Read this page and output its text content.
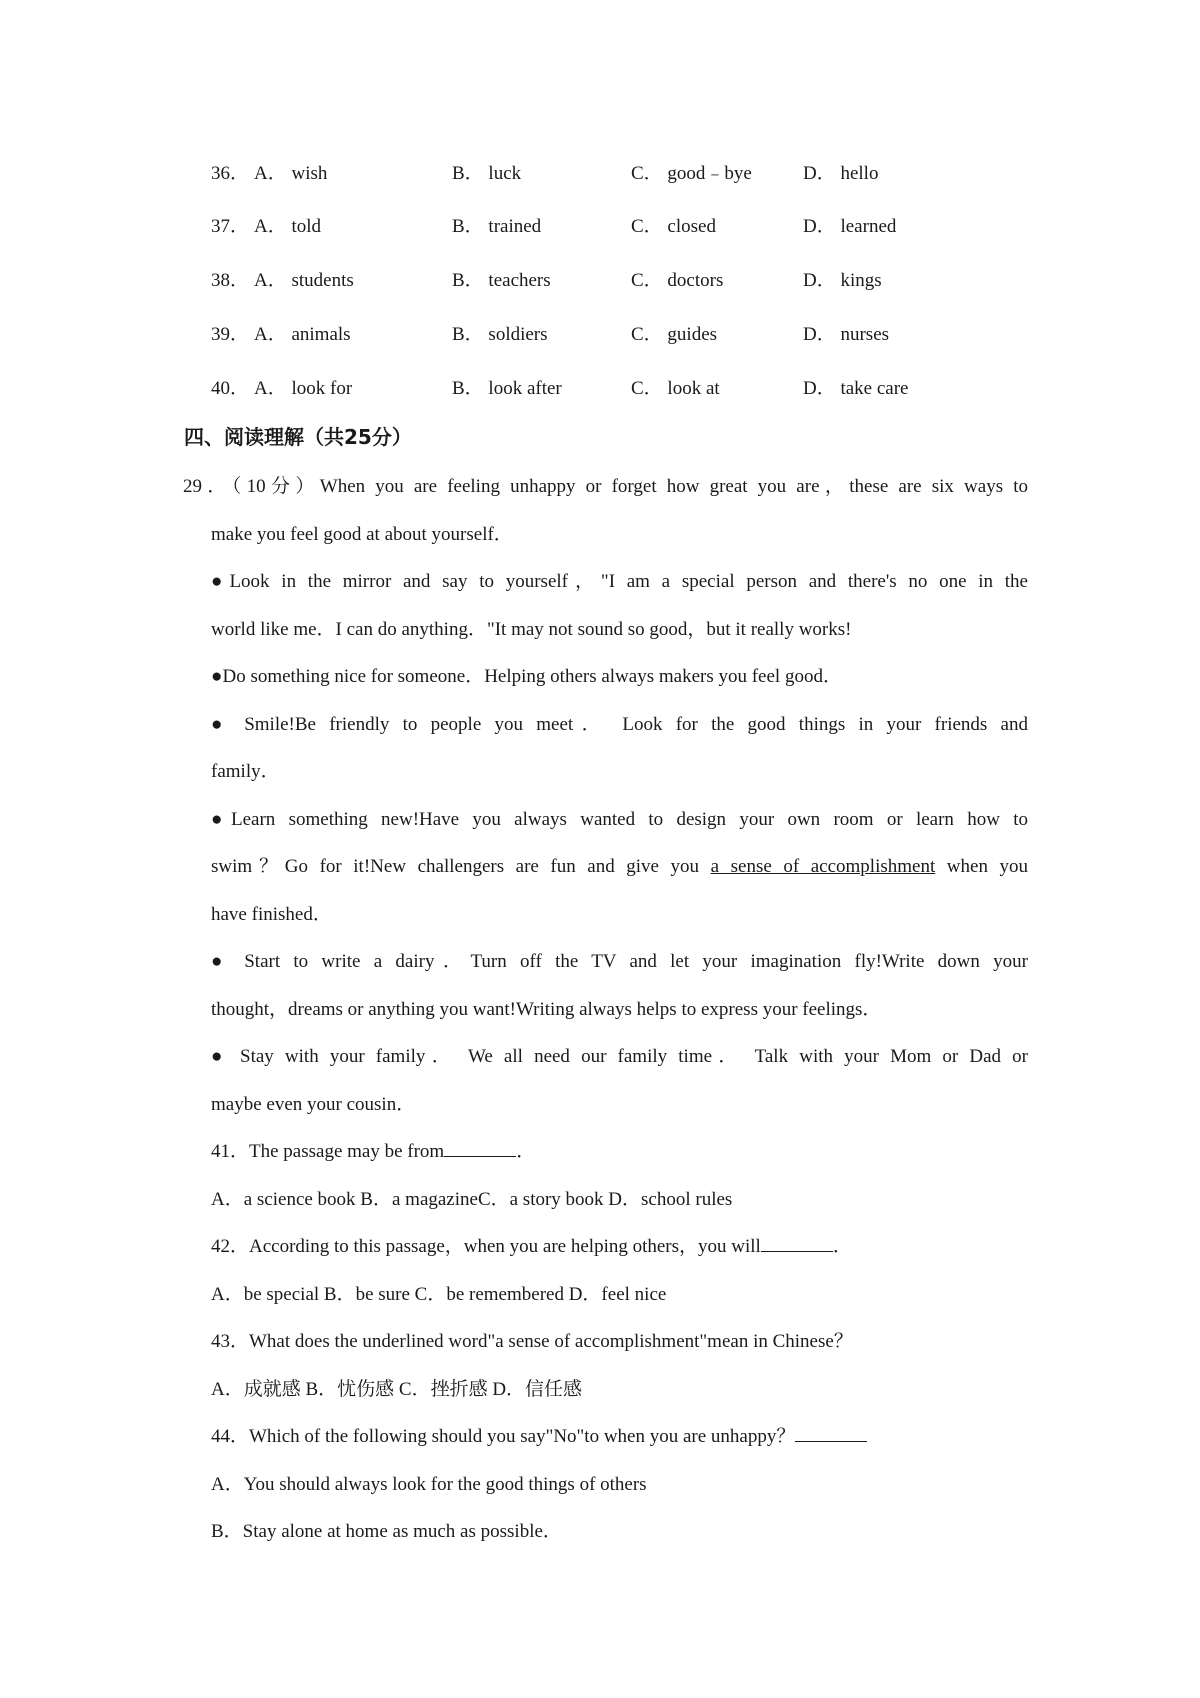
36． A． wish	B． luck	C． good﹣bye	D． hello
37． A． told	B． trained	C． closed	D． learned
38． A． students	B． teachers	C． doctors	D． kings
39． A． animals	B． soldiers	C． guides	D． nurses
40． A． look for	B． look after	C． look at	D． take care
四、阅读理解（共25分）
29．（10分）When you are feeling unhappy or forget how great you are，these are six ways to
make you feel good at about yourself．
●Look in the mirror and say to yourself，"I am a special person and there's no one in the
world like me．I can do anything．"It may not sound so good，but it really works!
●Do something nice for someone．Helping others always makers you feel good．
● Smile!Be friendly to people you meet． Look for the good things in your friends and
family．
●Learn something new!Have you always wanted to design your own room or learn how to
swim？Go for it!New challengers are fun and give you a sense of accomplishment when you
have finished．
● Start to write a dairy．Turn off the TV and let your imagination fly!Write down your
thought，dreams or anything you want!Writing always helps to express your feelings．
● Stay with your family． We all need our family time． Talk with your Mom or Dad or
maybe even your cousin．
41．The passage may be from	．
A．a science book B．a magazineC．a story book D．school rules
42．According to this passage，when you are helping others，you will	．
A．be special B．be sure C．be remembered D．feel nice
43．What does the underlined word"a sense of accomplishment"mean in Chinese？
A．成就感 B．忧伤感 C．挫折感 D．信任感
44．Which of the following should you say"No"to when you are unhappy？
A．You should always look for the good things of others
B．Stay alone at home as much as possible．
